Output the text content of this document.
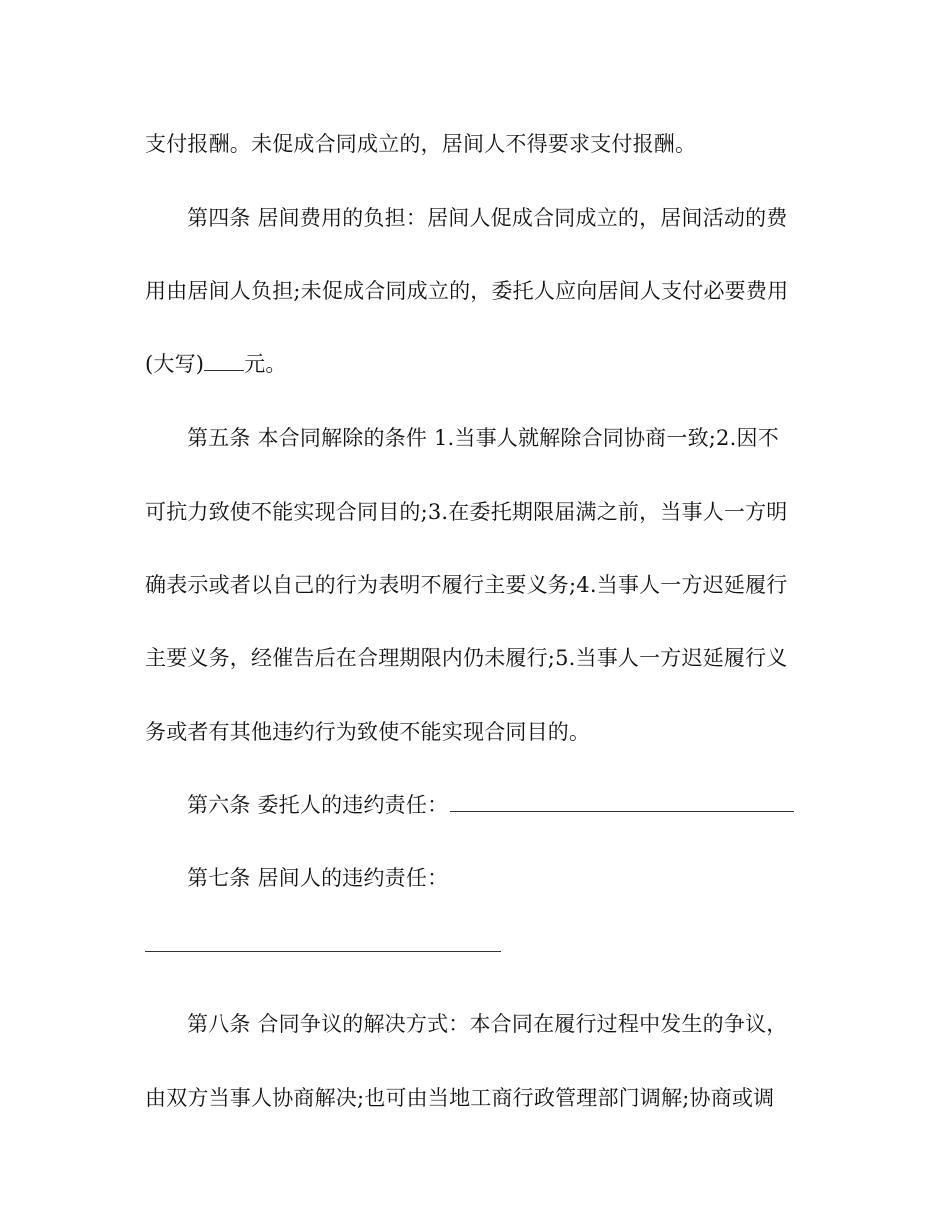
支付报酬。未促成合同成立的，居间人不得要求支付报酬。
第四条 居间费用的负担：居间人促成合同成立的，居间活动的费
用由居间人负担;未促成合同成立的，委托人应向居间人支付必要费用
(大写) 元。
第五条 本合同解除的条件 1.当事人就解除合同协商一致;2.因不
可抗力致使不能实现合同目的;3.在委托期限届满之前，当事人一方明
确表示或者以自己的行为表明不履行主要义务;4.当事人一方迟延履行
主要义务，经催告后在合理期限内仍未履行;5.当事人一方迟延履行义
务或者有其他违约行为致使不能实现合同目的。
第六条 委托人的违约责任：
第七条 居间人的违约责任：
第八条 合同争议的解决方式：本合同在履行过程中发生的争议，
由双方当事人协商解决;也可由当地工商行政管理部门调解;协商或调
